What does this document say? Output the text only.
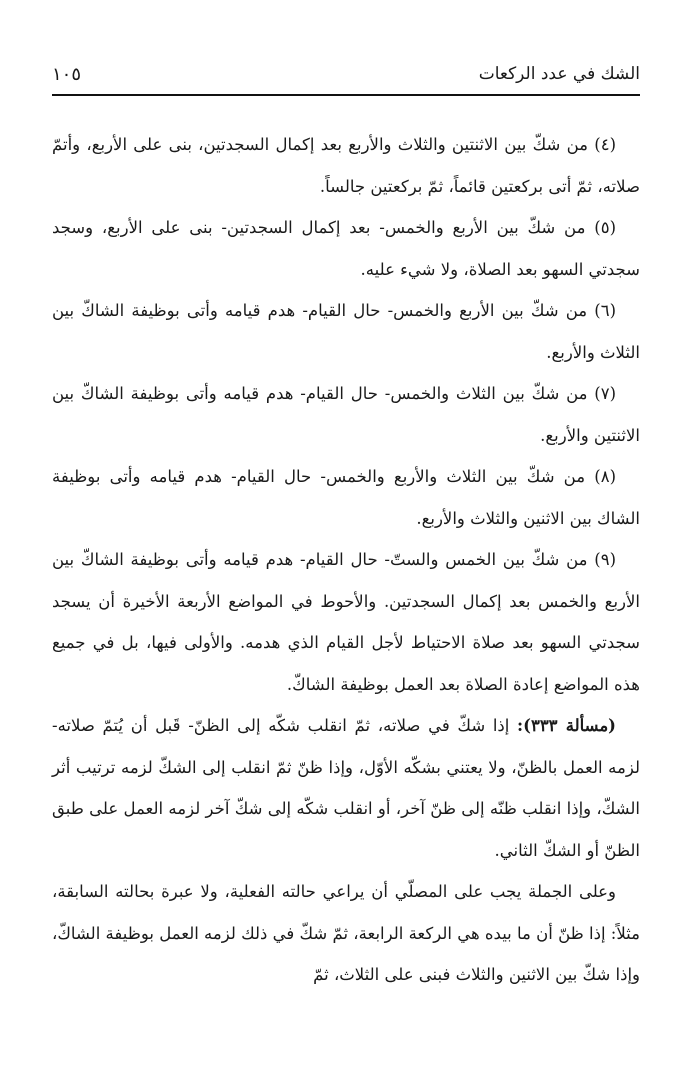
الشك في عدد الركعات
١٠٥

(٤) من شكّ بين الاثنتين والثلاث والأربع بعد إكمال السجدتين، بنى على الأربع، وأتمّ صلاته، ثمّ أتى بركعتين قائماً، ثمّ بركعتين جالساً.

(٥) من شكّ بين الأربع والخمس- بعد إكمال السجدتين- بنى على الأربع، وسجد سجدتي السهو بعد الصلاة، ولا شيء عليه.

(٦) من شكّ بين الأربع والخمس- حال القيام- هدم قيامه وأتى بوظيفة الشاكّ بين الثلاث والأربع.

(٧) من شكّ بين الثلاث والخمس- حال القيام- هدم قيامه وأتى بوظيفة الشاكّ بين الاثنتين والأربع.

(٨) من شكّ بين الثلاث والأربع والخمس- حال القيام- هدم قيامه وأتى بوظيفة الشاك بين الاثنين والثلاث والأربع.

(٩) من شكّ بين الخمس والستّ- حال القيام- هدم قيامه وأتى بوظيفة الشاكّ بين الأربع والخمس بعد إكمال السجدتين. والأحوط في المواضع الأربعة الأخيرة أن يسجد سجدتي السهو بعد صلاة الاحتياط لأجل القيام الذي هدمه. والأولى فيها، بل في جميع هذه المواضع إعادة الصلاة بعد العمل بوظيفة الشاكّ.

(مسألة ٣٣٣): إذا شكّ في صلاته، ثمّ انقلب شكّه إلى الظنّ- قَبل أن يُتمّ صلاته- لزمه العمل بالظنّ، ولا يعتني بشكّه الأوّل، وإذا ظنّ ثمّ انقلب إلى الشكّ لزمه ترتيب أثر الشكّ، وإذا انقلب ظنّه إلى ظنّ آخر، أو انقلب شكّه إلى شكّ آخر لزمه العمل على طبق الظنّ أو الشكّ الثاني.

وعلى الجملة يجب على المصلّي أن يراعي حالته الفعلية، ولا عبرة بحالته السابقة، مثلاً: إذا ظنّ أن ما بيده هي الركعة الرابعة، ثمّ شكّ في ذلك لزمه العمل بوظيفة الشاكّ، وإذا شكّ بين الاثنين والثلاث فبنى على الثلاث، ثمّ
